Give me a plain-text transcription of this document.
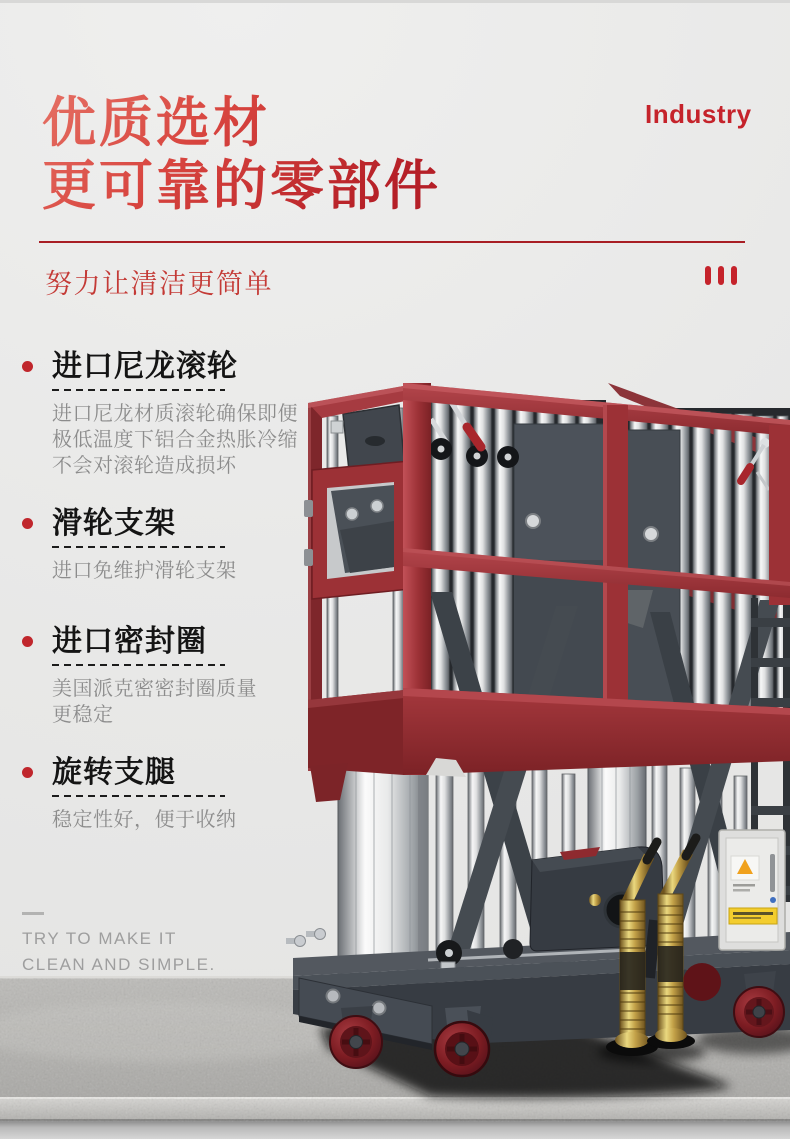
Industry
优质选材
更可靠的零部件
努力让清洁更简单
进口尼龙滚轮
进口尼龙材质滚轮确保即便
极低温度下铝合金热胀冷缩
不会对滚轮造成损坏
滑轮支架
进口免维护滑轮支架
进口密封圈
美国派克密密封圈质量
更稳定
旋转支腿
稳定性好，便于收纳
TRY TO MAKE IT
CLEAN AND SIMPLE.
